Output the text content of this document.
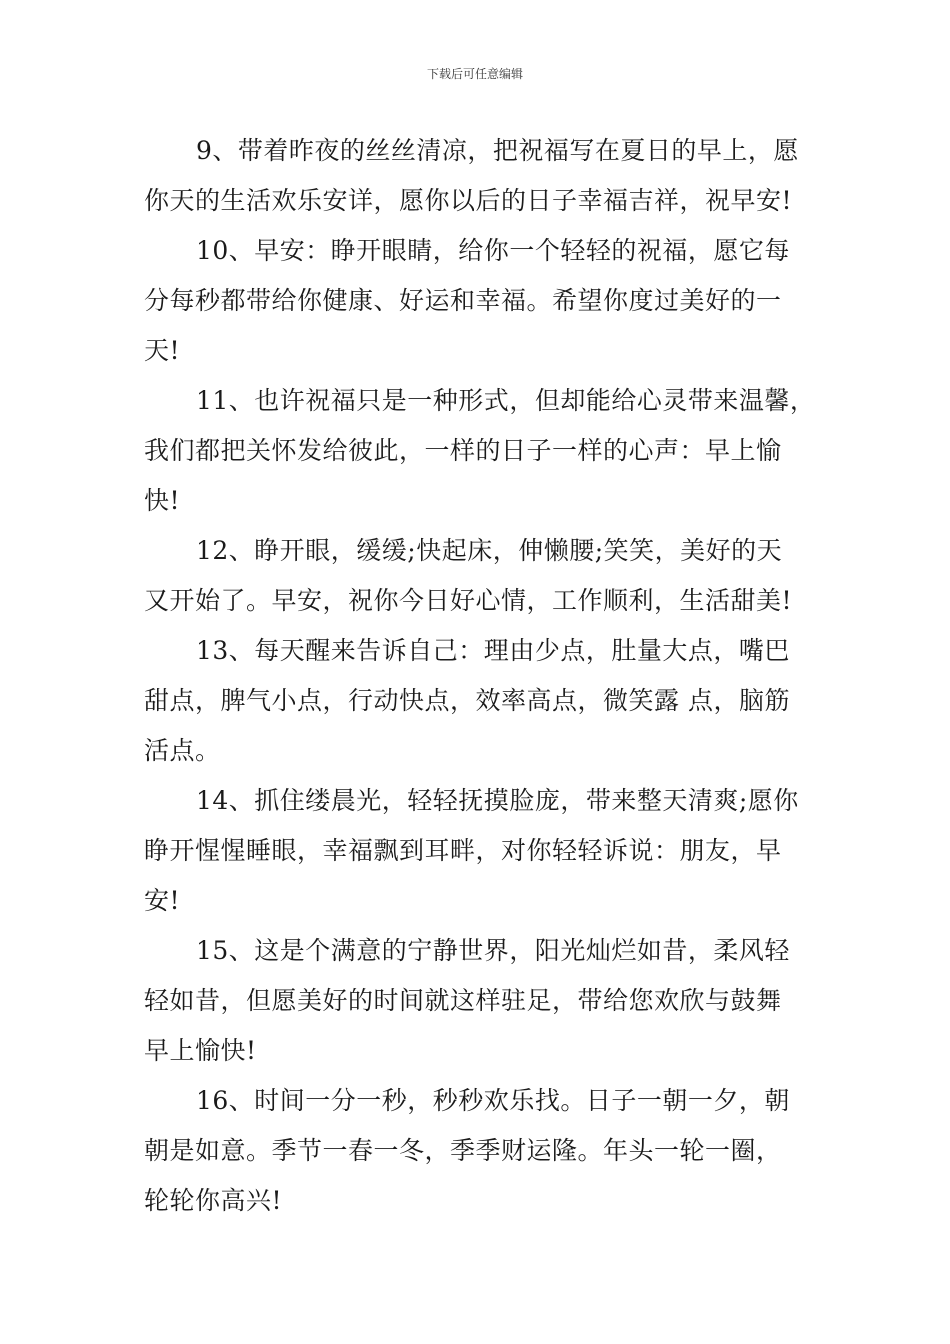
下载后可任意编辑

9、带着昨夜的丝丝清凉，把祝福写在夏日的早上，愿
你天的生活欢乐安详，愿你以后的日子幸福吉祥，祝早安!

10、早安：睁开眼睛，给你一个轻轻的祝福，愿它每
分每秒都带给你健康、好运和幸福。希望你度过美好的一
天!

11、也许祝福只是一种形式，但却能给心灵带来温馨，
我们都把关怀发给彼此，一样的日子一样的心声：早上愉
快!

12、睁开眼，缓缓;快起床，伸懒腰;笑笑，美好的天
又开始了。早安，祝你今日好心情，工作顺利，生活甜美!

13、每天醒来告诉自己：理由少点，肚量大点，嘴巴
甜点，脾气小点，行动快点，效率高点，微笑露 点，脑筋
活点。

14、抓住缕晨光，轻轻抚摸脸庞，带来整天清爽;愿你
睁开惺惺睡眼，幸福飘到耳畔，对你轻轻诉说：朋友，早
安!

15、这是个满意的宁静世界，阳光灿烂如昔，柔风轻
轻如昔，但愿美好的时间就这样驻足，带给您欢欣与鼓舞
早上愉快!

16、时间一分一秒，秒秒欢乐找。日子一朝一夕，朝
朝是如意。季节一春一冬，季季财运隆。年头一轮一圈，
轮轮你高兴!
